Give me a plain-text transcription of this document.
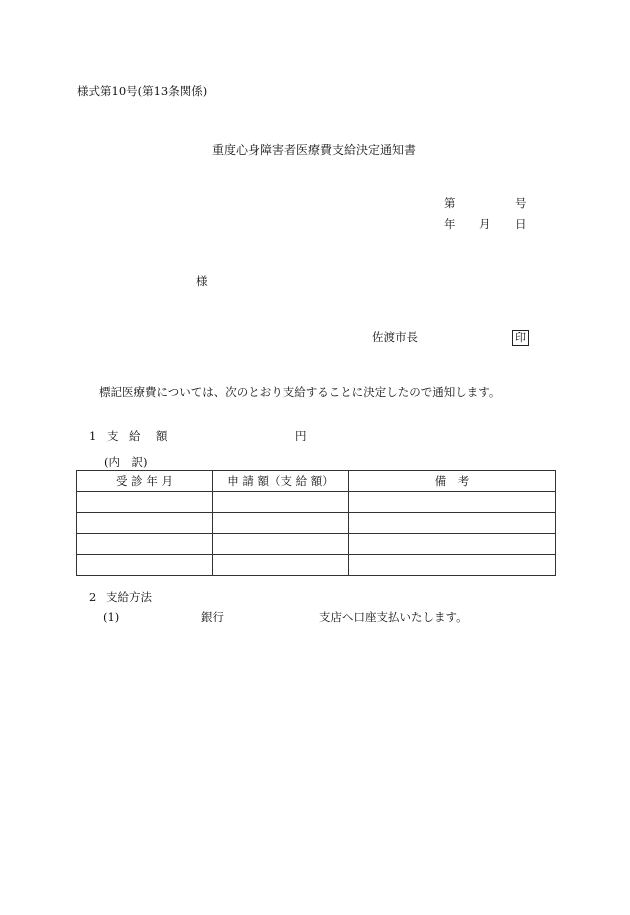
様式第10号(第13条関係)
重度心身障害者医療費支給決定通知書
第	号
年 月 日
様
佐渡市長	印
標記医療費については、次のとおり支給することに決定したので通知します。
1 支 給 額	円
(内　訳)
受 診 年 月	申 請 額（支 給 額）	備　考

2 支給方法
(1)	銀行	支店へ口座支払いたします。
